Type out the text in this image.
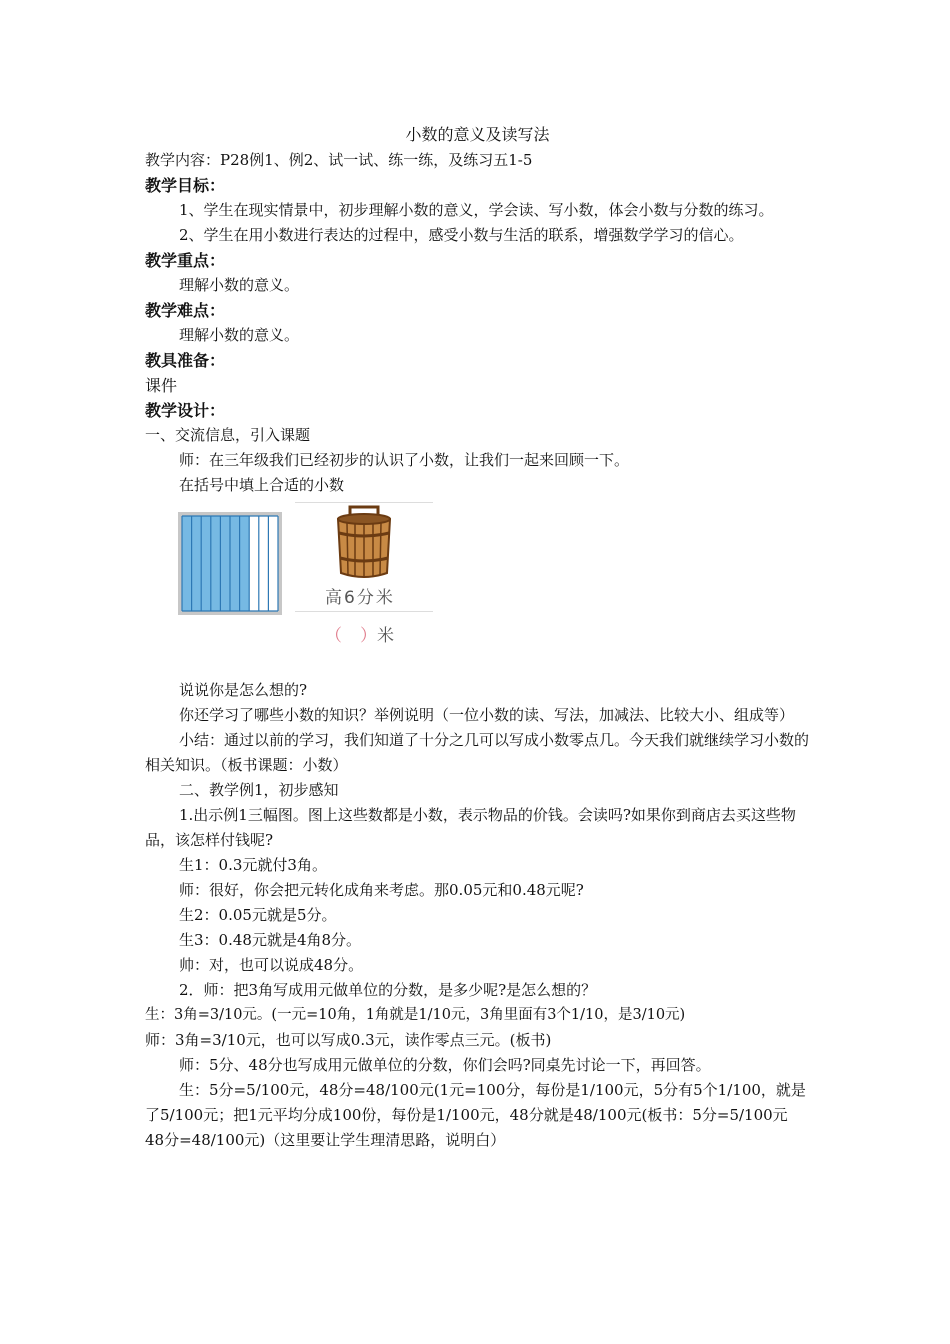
小数的意义及读写法
教学内容：P28例1、例2、试一试、练一练，及练习五1-5
教学目标：
1、学生在现实情景中，初步理解小数的意义，学会读、写小数，体会小数与分数的练习。
2、学生在用小数进行表达的过程中，感受小数与生活的联系，增强数学学习的信心。
教学重点：
理解小数的意义。
教学难点：
理解小数的意义。
教具准备：
课件
教学设计：
一、交流信息，引入课题
师：在三年级我们已经初步的认识了小数，让我们一起来回顾一下。
在括号中填上合适的小数
高6分米
（ ）米
说说你是怎么想的?
你还学习了哪些小数的知识？举例说明（一位小数的读、写法，加减法、比较大小、组成等）
小结：通过以前的学习，我们知道了十分之几可以写成小数零点几。今天我们就继续学习小数的相关知识。（板书课题：小数）
二、教学例1，初步感知
1.出示例1三幅图。图上这些数都是小数，表示物品的价钱。会读吗?如果你到商店去买这些物品，该怎样付钱呢?
生1：0.3元就付3角。
师：很好，你会把元转化成角来考虑。那0.05元和0.48元呢?
生2：0.05元就是5分。
生3：0.48元就是4角8分。
帅：对，也可以说成48分。
2．师：把3角写成用元做单位的分数，是多少呢?是怎么想的？
生：3角=3/10元。(一元=10角，1角就是1/10元，3角里面有3个1/10，是3/10元)
师：3角=3/10元，也可以写成0.3元，读作零点三元。(板书)
师：5分、48分也写成用元做单位的分数，你们会吗?同桌先讨论一下，再回答。
生：5分=5/100元，48分=48/100元(1元=100分，每份是1/100元，5分有5个1/100，就是了5/100元；把1元平均分成100份，每份是1/100元，48分就是48/100元(板书：5分=5/100元 48分=48/100元)（这里要让学生理清思路，说明白）
